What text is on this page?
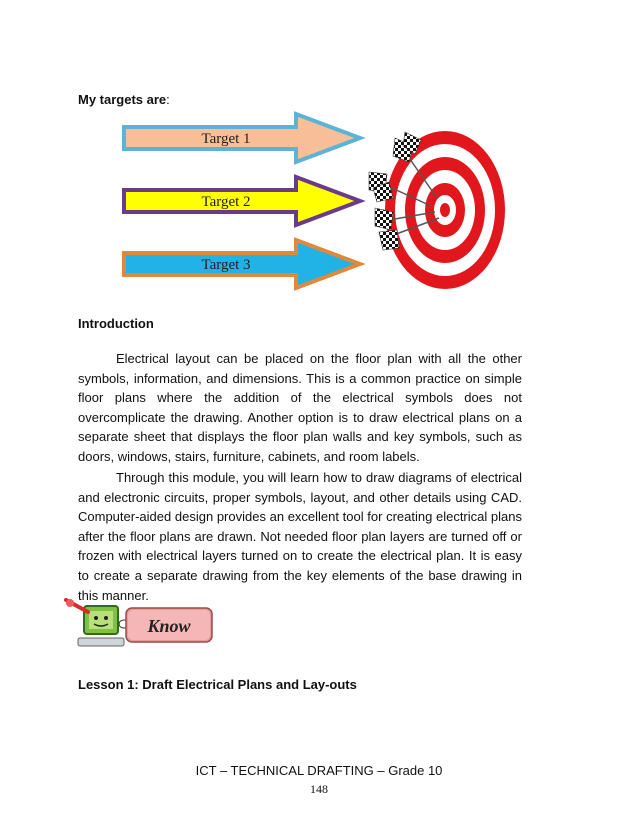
My targets are:
Target 1
Target 2
Target 3
Introduction

Electrical layout can be placed on the floor plan with all the other symbols, information, and dimensions. This is a common practice on simple floor plans where the addition of the electrical symbols does not overcomplicate the drawing. Another option is to draw electrical plans on a separate sheet that displays the floor plan walls and key symbols, such as doors, windows, stairs, furniture, cabinets, and room labels.

Through this module, you will learn how to draw diagrams of electrical and electronic circuits, proper symbols, layout, and other details using CAD. Computer-aided design provides an excellent tool for creating electrical plans after the floor plans are drawn. Not needed floor plan layers are turned off or frozen with electrical layers turned on to create the electrical plan. It is easy to create a separate drawing from the key elements of the base drawing in this manner.

Know
Lesson 1: Draft Electrical Plans and Lay-outs
ICT – TECHNICAL DRAFTING – Grade 10
148
